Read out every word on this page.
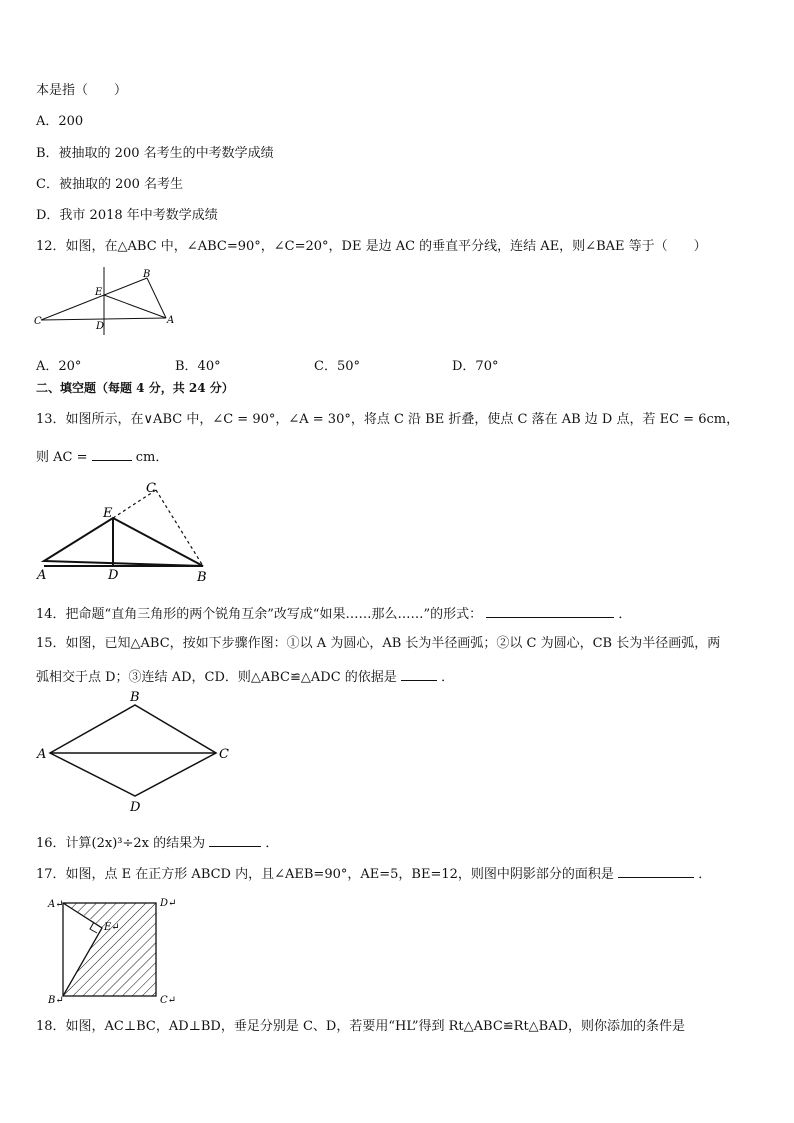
本是指（　　）
A．200
B．被抽取的 200 名考生的中考数学成绩
C．被抽取的 200 名考生
D．我市 2018 年中考数学成绩
12．如图，在△ABC 中，∠ABC=90°，∠C=20°，DE 是边 AC 的垂直平分线，连结 AE，则∠BAE 等于（　　）
B
E
C	D
A
A．20°	B．40°	C．50°	D．70°
二、填空题（每题 4 分，共 24 分）
13．如图所示，在∨ABC 中，∠C = 90°，∠A = 30°，将点 C 沿 BE 折叠，使点 C 落在 AB 边 D 点，若 EC = 6cm，
则 AC =	cm．
C
E
A	D	B
14．把命题“直角三角形的两个锐角互余”改写成“如果……那么……”的形式：	．
15．如图，已知△ABC，按如下步骤作图：①以 A 为圆心，AB 长为半径画弧；②以 C 为圆心，CB 长为半径画弧，两
弧相交于点 D；③连结 AD，CD．则△ABC≌△ADC 的依据是	．
B
A	C
D
16．计算(2x)³÷2x 的结果为	．
17．如图，点 E 在正方形 ABCD 内，且∠AEB=90°，AE=5，BE=12，则图中阴影部分的面积是	．
A↵	D↵
E↵
B↵	C↵
18．如图，AC⊥BC，AD⊥BD，垂足分别是 C、D，若要用“HL”得到 Rt△ABC≌Rt△BAD，则你添加的条件是
